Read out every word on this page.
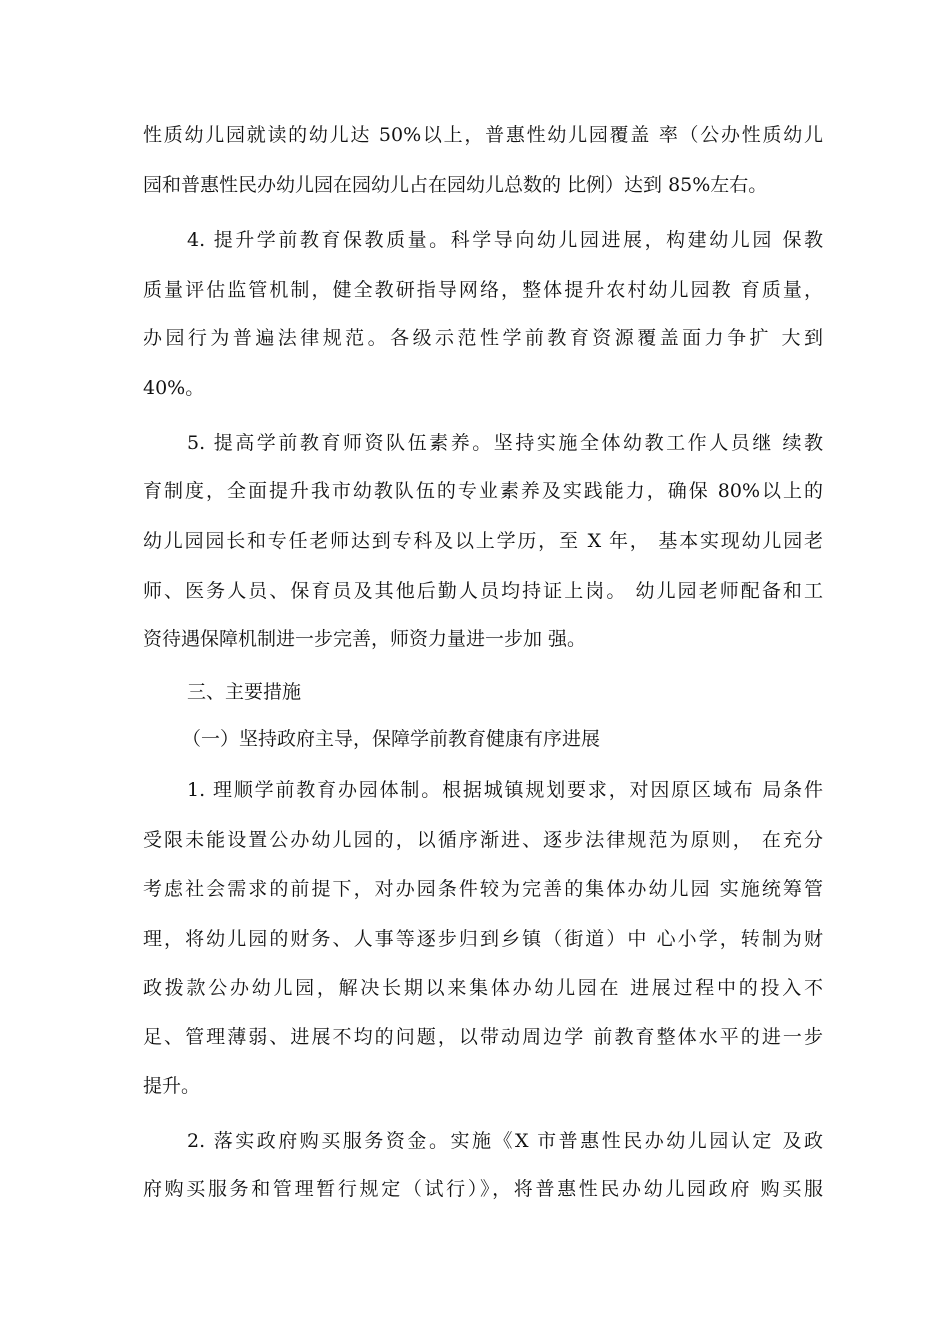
性质幼儿园就读的幼儿达 50%以上，普惠性幼儿园覆盖 率（公办性质幼儿
园和普惠性民办幼儿园在园幼儿占在园幼儿总数的 比例）达到 85%左右。
4. 提升学前教育保教质量。科学导向幼儿园进展，构建幼儿园 保教
质量评估监管机制，健全教研指导网络，整体提升农村幼儿园教 育质量，
办园行为普遍法律规范。各级示范性学前教育资源覆盖面力争扩 大到
40%。
5. 提高学前教育师资队伍素养。坚持实施全体幼教工作人员继 续教
育制度，全面提升我市幼教队伍的专业素养及实践能力，确保 80%以上的
幼儿园园长和专任老师达到专科及以上学历，至 X 年， 基本实现幼儿园老
师、医务人员、保育员及其他后勤人员均持证上岗。 幼儿园老师配备和工
资待遇保障机制进一步完善，师资力量进一步加 强。
三、主要措施
（一）坚持政府主导，保障学前教育健康有序进展
1. 理顺学前教育办园体制。根据城镇规划要求，对因原区域布 局条件
受限未能设置公办幼儿园的，以循序渐进、逐步法律规范为原则， 在充分
考虑社会需求的前提下，对办园条件较为完善的集体办幼儿园 实施统筹管
理，将幼儿园的财务、人事等逐步归到乡镇（街道）中 心小学，转制为财
政拨款公办幼儿园，解决长期以来集体办幼儿园在 进展过程中的投入不
足、管理薄弱、进展不均的问题，以带动周边学 前教育整体水平的进一步
提升。
2. 落实政府购买服务资金。实施《X 市普惠性民办幼儿园认定 及政
府购买服务和管理暂行规定（试行）》，将普惠性民办幼儿园政府 购买服
